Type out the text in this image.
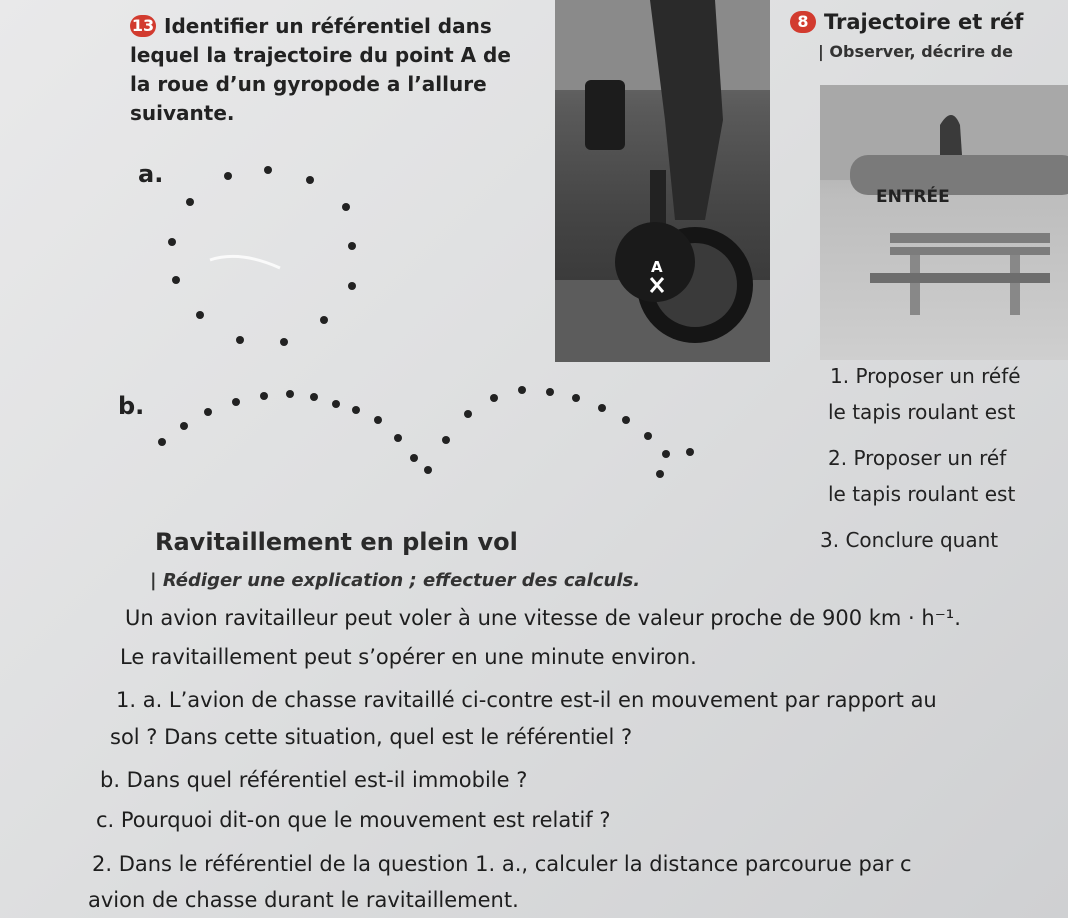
13 Identifier un référentiel dans
lequel la trajectoire du point A de
la roue d’un gyropode a l’allure
suivante.
a.
b.
A
8 Trajectoire et réf
| Observer, décrire de
ENTRÉE
1. Proposer un réfé
le tapis roulant est
2. Proposer un réf
le tapis roulant est
3. Conclure quant
Ravitaillement en plein vol
| Rédiger une explication ; effectuer des calculs.
Un avion ravitailleur peut voler à une vitesse de valeur proche de 900 km · h⁻¹.
Le ravitaillement peut s’opérer en une minute environ.
1. a. L’avion de chasse ravitaillé ci-contre est-il en mouvement par rapport au
sol ? Dans cette situation, quel est le référentiel ?
b. Dans quel référentiel est-il immobile ?
c. Pourquoi dit-on que le mouvement est relatif ?
2. Dans le référentiel de la question 1. a., calculer la distance parcourue par c
avion de chasse durant le ravitaillement.
